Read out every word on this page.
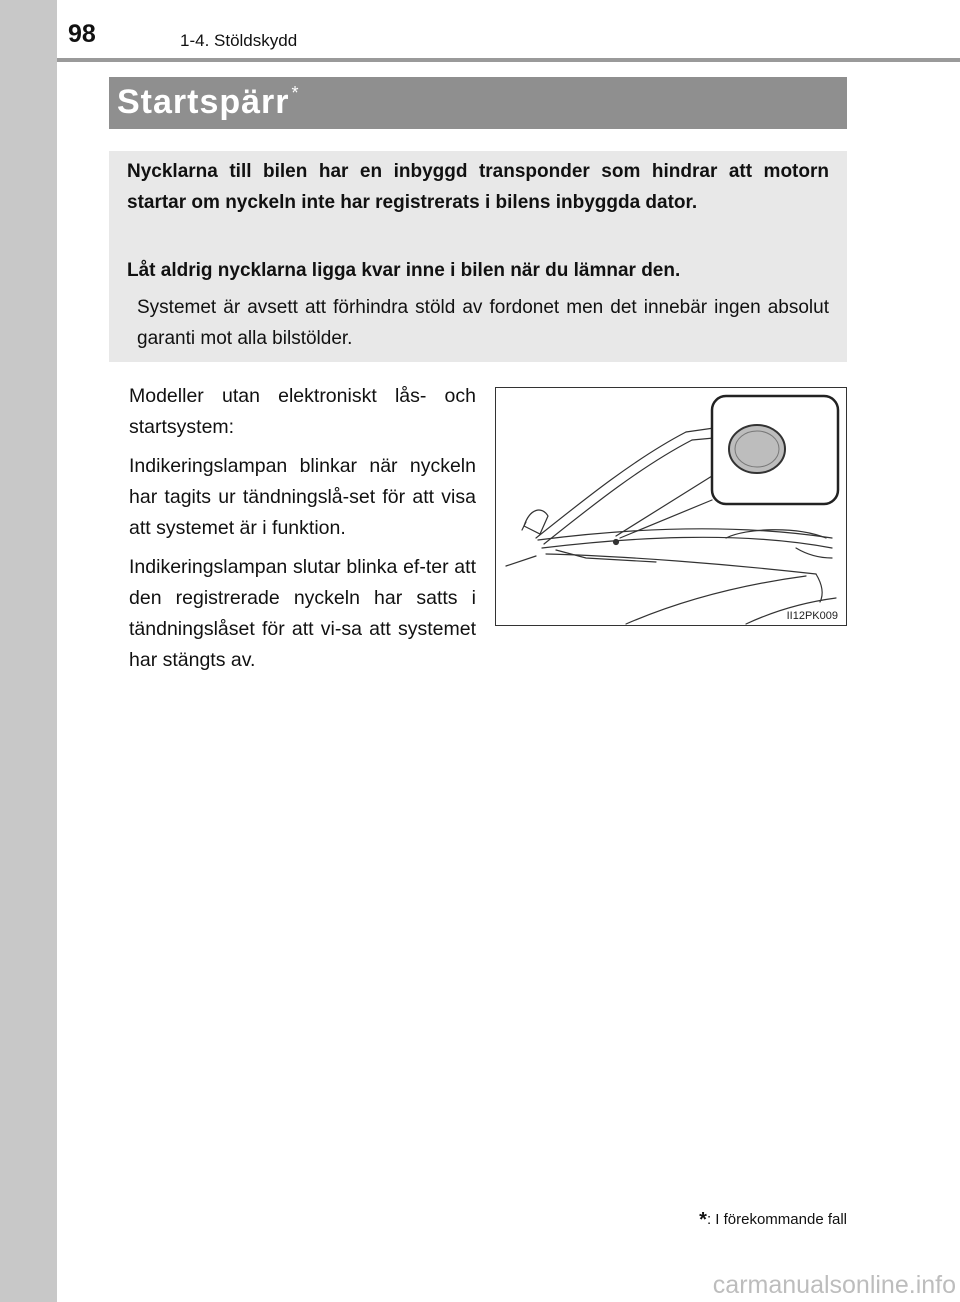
98	1-4. Stöldskydd
Startspärr *

Nycklarna till bilen har en inbyggd transponder som hindrar att motorn startar om nyckeln inte har registrerats i bilens inbyggda dator.

Låt aldrig nycklarna ligga kvar inne i bilen när du lämnar den.

Systemet är avsett att förhindra stöld av fordonet men det innebär ingen absolut garanti mot alla bilstölder.

Modeller utan elektroniskt lås- och startsystem:

Indikeringslampan blinkar när nyckeln har tagits ur tändningslå-set för att visa att systemet är i funktion.

Indikeringslampan slutar blinka ef-ter att den registrerade nyckeln har satts i tändningslåset för att vi-sa att systemet har stängts av.

II12PK009
*: I förekommande fall
carmanualsonline.info
